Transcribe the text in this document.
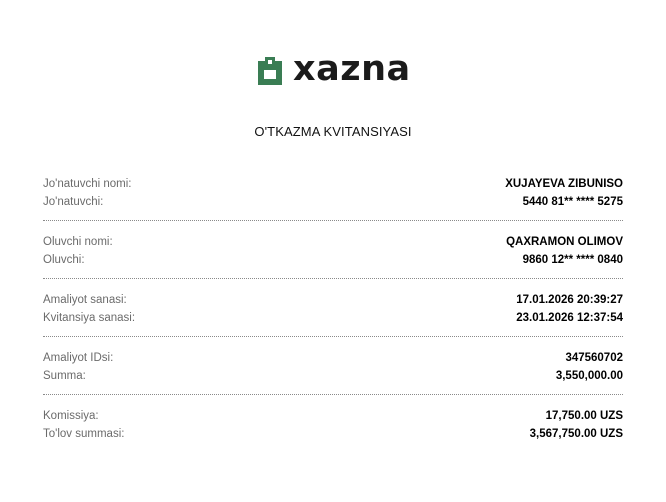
xazna
O'TKAZMA KVITANSIYASI
Jo'natuvchi nomi:	XUJAYEVA ZIBUNISO
Jo'natuvchi:	5440 81** **** 5275
Oluvchi nomi:	QAXRAMON OLIMOV
Oluvchi:	9860 12** **** 0840
Amaliyot sanasi:	17.01.2026 20:39:27
Kvitansiya sanasi:	23.01.2026 12:37:54
Amaliyot IDsi:	347560702
Summa:	3,550,000.00
Komissiya:	17,750.00 UZS
To'lov summasi:	3,567,750.00 UZS
